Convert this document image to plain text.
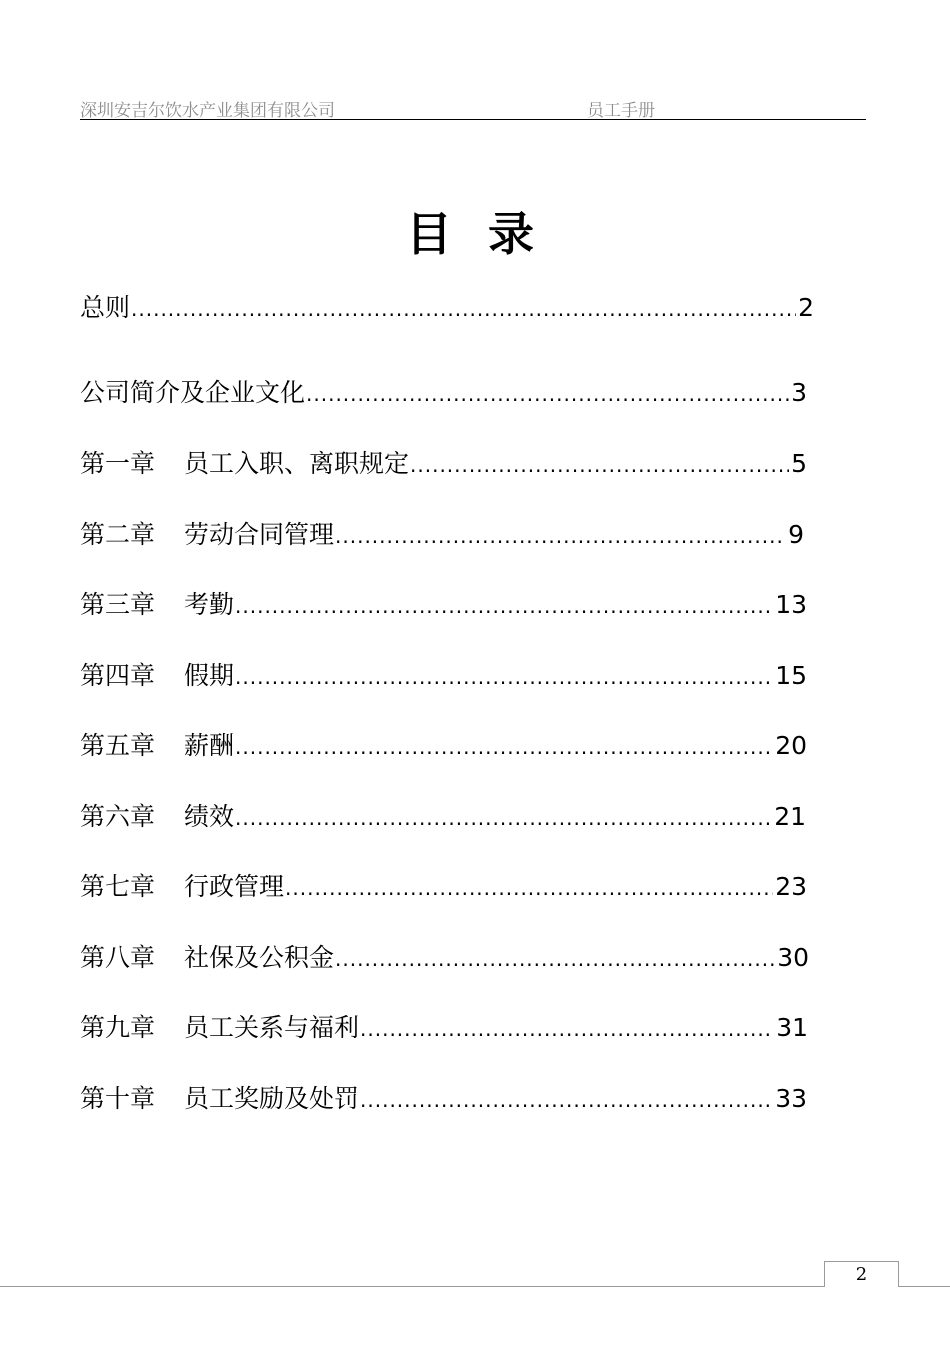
深圳安吉尔饮水产业集团有限公司	员工手册
目 录
总则 .....	2
公司简介及企业文化 .....	3
第一章	员工入职、离职规定 .....	5
第二章	劳动合同管理 .....	9
第三章	考勤 .....	13
第四章	假期 .....	15
第五章	薪酬 .....	20
第六章	绩效 .....	21
第七章	行政管理 .....	23
第八章	社保及公积金 .....	30
第九章	员工关系与福利 .....	31
第十章	员工奖励及处罚 .....	33
2
